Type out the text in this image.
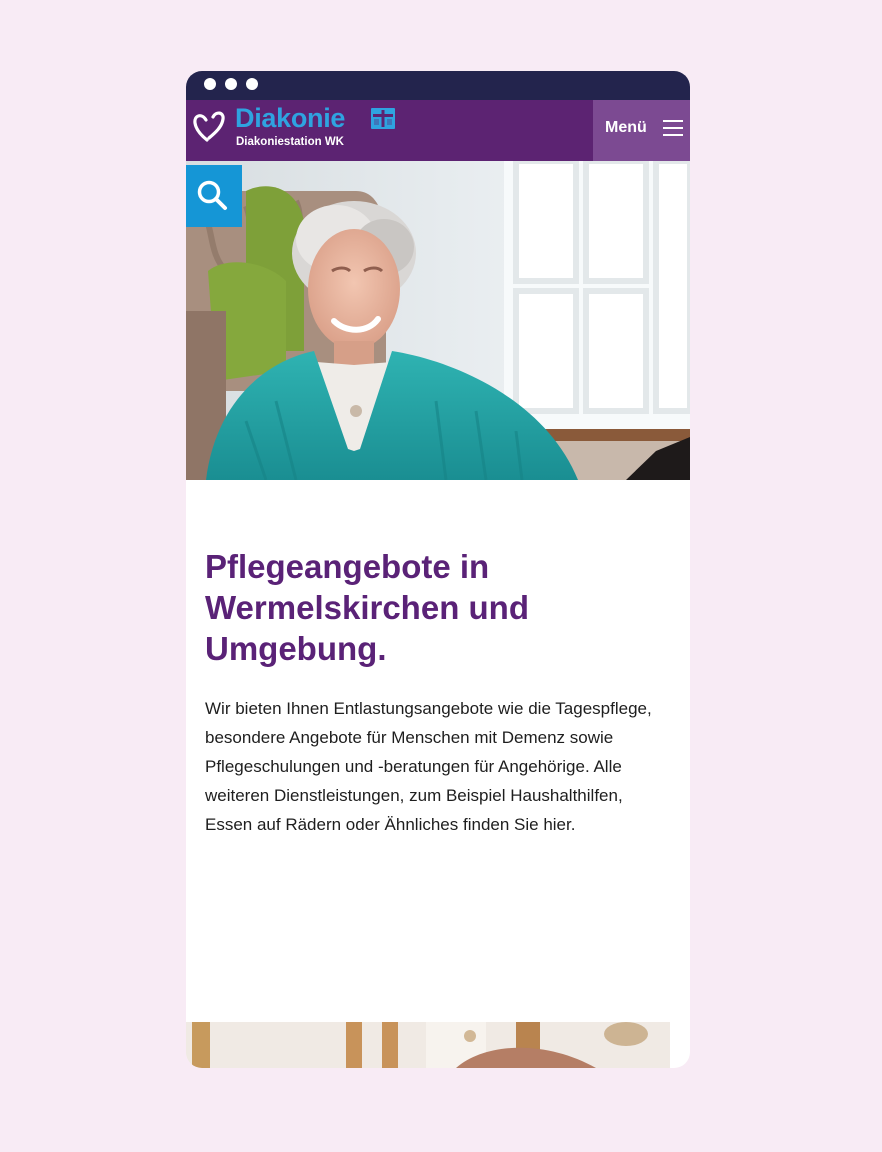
Diakonie
Diakoniestation WK
Menü
Pflegeangebote in Wermelskirchen und Umgebung.

Wir bieten Ihnen Entlastungsangebote wie die Tagespflege, besondere Angebote für Menschen mit Demenz sowie Pflegeschulungen und -beratungen für Angehörige. Alle weiteren Dienstleistungen, zum Beispiel Haushalthilfen, Essen auf Rädern oder Ähnliches finden Sie hier.
